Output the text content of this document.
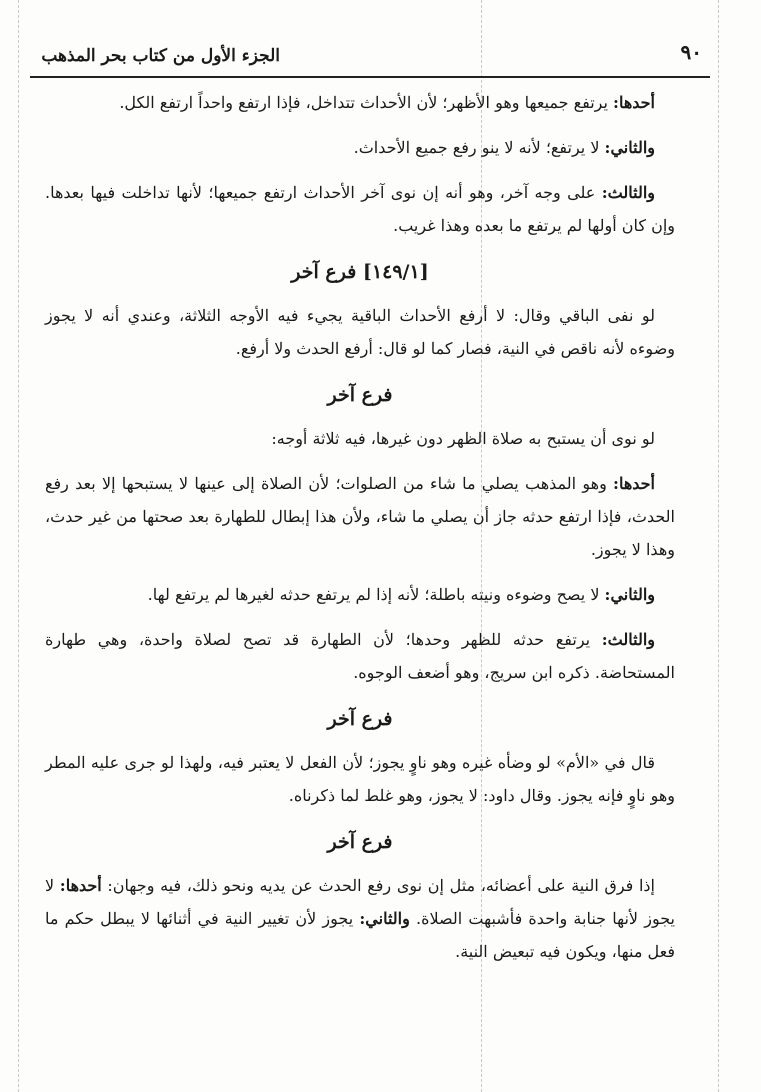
٩٠
الجزء الأول من كتاب بحر المذهب

أحدها: يرتفع جميعها وهو الأظهر؛ لأن الأحداث تتداخل، فإذا ارتفع واحداً ارتفع الكل.

والثاني: لا يرتفع؛ لأنه لا ينو رفع جميع الأحداث.

والثالث: على وجه آخر، وهو أنه إن نوى آخر الأحداث ارتفع جميعها؛ لأنها تداخلت فيها بعدها. وإن كان أولها لم يرتفع ما بعده وهذا غريب.

[١٤٩/١] فرع آخر

لو نفى الباقي وقال: لا أرفع الأحداث الباقية يجيء فيه الأوجه الثلاثة، وعندي أنه لا يجوز وضوءه لأنه ناقص في النية، فصار كما لو قال: أرفع الحدث ولا أرفع.

فرع آخر

لو نوى أن يستبح به صلاة الظهر دون غيرها، فيه ثلاثة أوجه:

أحدها: وهو المذهب يصلي ما شاء من الصلوات؛ لأن الصلاة إلى عينها لا يستبحها إلا بعد رفع الحدث، فإذا ارتفع حدثه جاز أن يصلي ما شاء، ولأن هذا إبطال للطهارة بعد صحتها من غير حدث، وهذا لا يجوز.

والثاني: لا يصح وضوءه ونيته باطلة؛ لأنه إذا لم يرتفع حدثه لغيرها لم يرتفع لها.

والثالث: يرتفع حدثه للظهر وحدها؛ لأن الطهارة قد تصح لصلاة واحدة، وهي طهارة المستحاضة. ذكره ابن سريج، وهو أضعف الوجوه.

فرع آخر

قال في «الأم» لو وضأه غيره وهو ناوٍ يجوز؛ لأن الفعل لا يعتبر فيه، ولهذا لو جرى عليه المطر وهو ناوٍ فإنه يجوز. وقال داود: لا يجوز، وهو غلط لما ذكرناه.

فرع آخر

إذا فرق النية على أعضائه، مثل إن نوى رفع الحدث عن يديه ونحو ذلك، فيه وجهان: أحدها: لا يجوز لأنها جنابة واحدة فأشبهت الصلاة. والثاني: يجوز لأن تغيير النية في أثنائها لا يبطل حكم ما فعل منها، ويكون فيه تبعيض النية.
